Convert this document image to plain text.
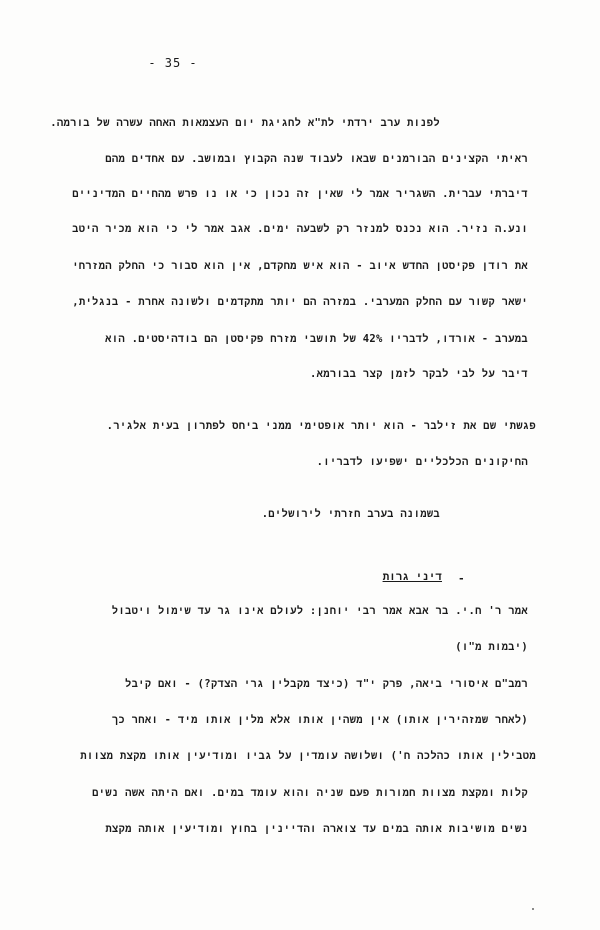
- 35 -
לפנות ערב ירדתי לת"א לחגיגת יום העצמאות האחה עשרה של בורמה.
ראיתי הקצינים הבורמנים שבאו לעבוד שנה הקבוץ ובמושב. עם אחדים מהם
דיברתי עברית. השגריר אמר לי שאין זה נכון כי או נו פרש מהחיים המדיניים
ונע.ה נזיר. הוא נכנס למנזר רק לשבעה ימים. אגב אמר לי כי הוא מכיר היטב
את רודן פקיסטן החדש איוב - הוא איש מחקדם, אין הוא סבור כי החלק המזרחי
ישאר קשור עם החלק המערבי. במזרה הם יותר מתקדמים ולשונה אחרת - בנגלית,
במערב - אורדו, לדבריו 42% של תושבי מזרח פקיסטן הם בודהיסטים. הוא
דיבר על לבי לבקר לזמן קצר בבורמא.
פגשתי שם את זילבר - הוא יותר אופטימי ממני ביחס לפתרון בעית אלגיר.
החיקונים הכלכליים ישפיעו לדבריו.
בשמונה בערב חזרתי לירושלים.
-
דיני גרות
אמר ר' ח.י. בר אבא אמר רבי יוחנן: לעולם אינו גר עד שימול ויטבול
(יבמות מ"ו)
רמב"ם איסורי ביאה, פרק י"ד (כיצד מקבלין גרי הצדק?) - ואם קיבל
(לאחר שמזהירין אותו) אין משהין אותו אלא מלין אותו מיד - ואחר כך
מטבילין אותו כהלכה ח') ושלושה עומדין על גביו ומודיעין אותו מקצת מצוות
קלות ומקצת מצוות חמורות פעם שניה והוא עומד במים. ואם היתה אשה נשים
נשים מושיבות אותה במים עד צוארה והדיינין בחוץ ומודיעין אותה מקצת
